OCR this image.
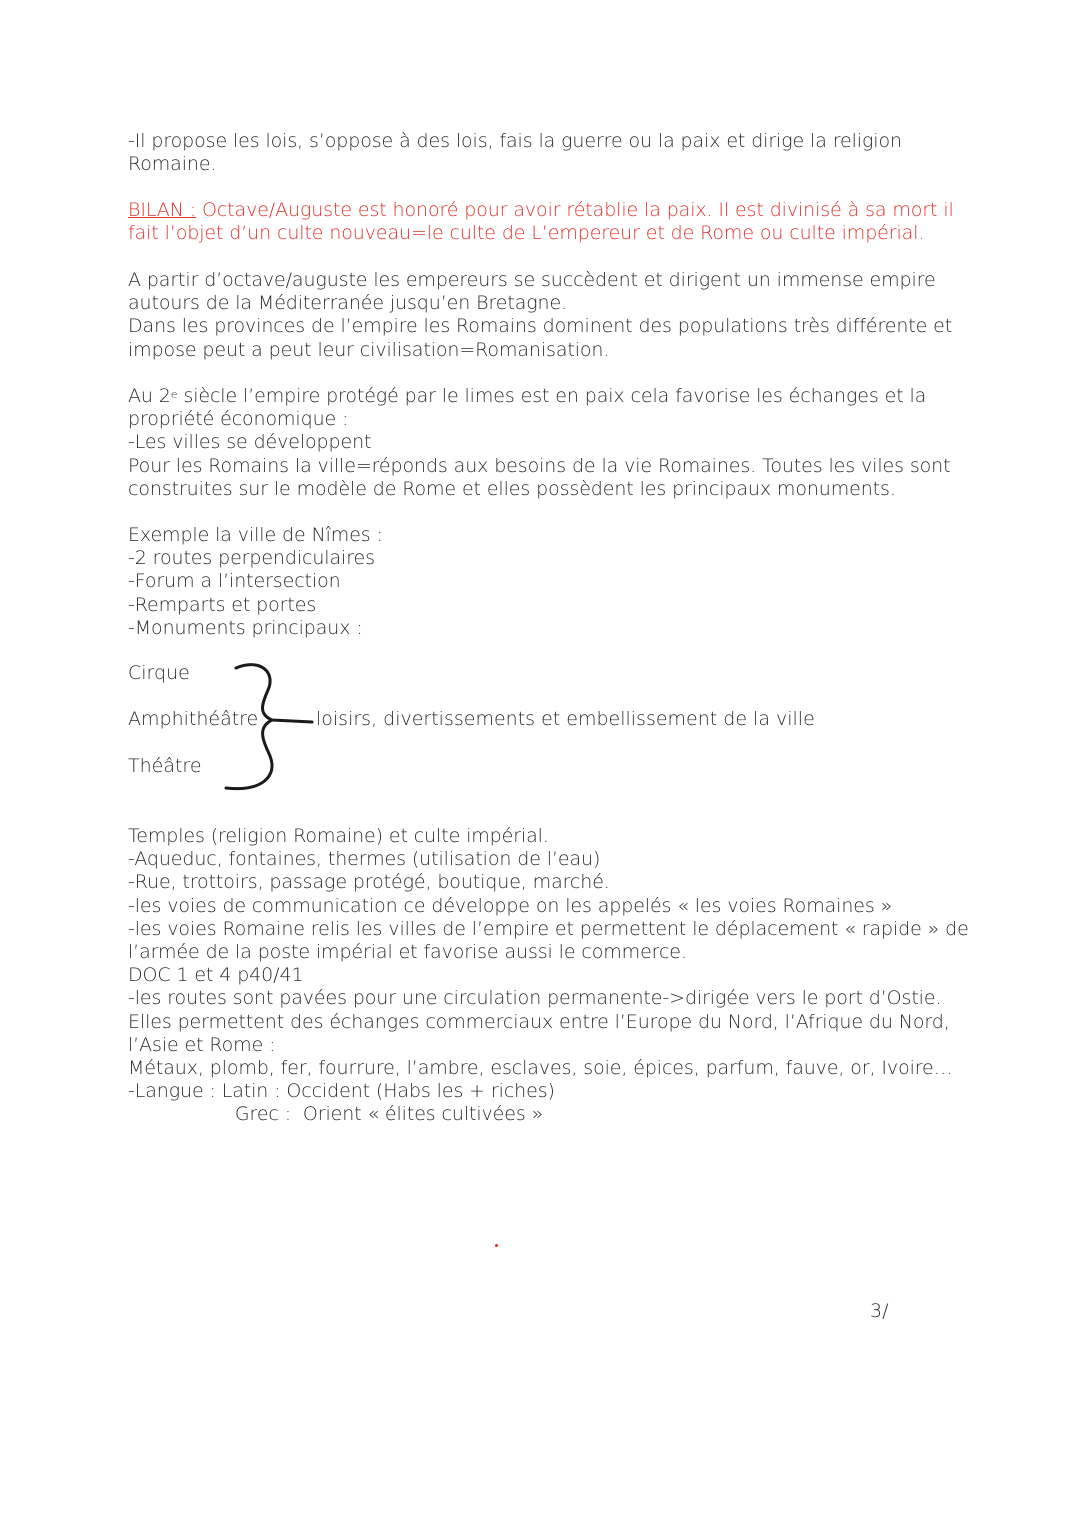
-Il propose les lois, s’oppose à des lois, fais la guerre ou la paix et dirige la religion
Romaine.
BILAN : Octave/Auguste est honoré pour avoir rétablie la paix. Il est divinisé à sa mort il
fait l’objet d’un culte nouveau=le culte de L’empereur et de Rome ou culte impérial.
A partir d’octave/auguste les empereurs se succèdent et dirigent un immense empire
autours de la Méditerranée jusqu’en Bretagne.
Dans les provinces de l’empire les Romains dominent des populations très différente et
impose peut a peut leur civilisation=Romanisation.
Au 2e siècle l’empire protégé par le limes est en paix cela favorise les échanges et la
propriété économique :
-Les villes se développent
Pour les Romains la ville=réponds aux besoins de la vie Romaines. Toutes les viles sont
construites sur le modèle de Rome et elles possèdent les principaux monuments.
Exemple la ville de Nîmes :
-2 routes perpendiculaires
-Forum a l’intersection
-Remparts et portes
-Monuments principaux :
Cirque
Amphithéâtre
Théâtre
loisirs, divertissements et embellissement de la ville
Temples (religion Romaine) et culte impérial.
-Aqueduc, fontaines, thermes (utilisation de l’eau)
-Rue, trottoirs, passage protégé, boutique, marché.
-les voies de communication ce développe on les appelés « les voies Romaines »
-les voies Romaine relis les villes de l’empire et permettent le déplacement « rapide » de
l’armée de la poste impérial et favorise aussi le commerce.
DOC 1 et 4 p40/41
-les routes sont pavées pour une circulation permanente->dirigée vers le port d’Ostie.
Elles permettent des échanges commerciaux entre l’Europe du Nord, l’Afrique du Nord,
l’Asie et Rome :
Métaux, plomb, fer, fourrure, l’ambre, esclaves, soie, épices, parfum, fauve, or, Ivoire…
-Langue : Latin : Occident (Habs les + riches)
Grec :  Orient « élites cultivées »
3/
